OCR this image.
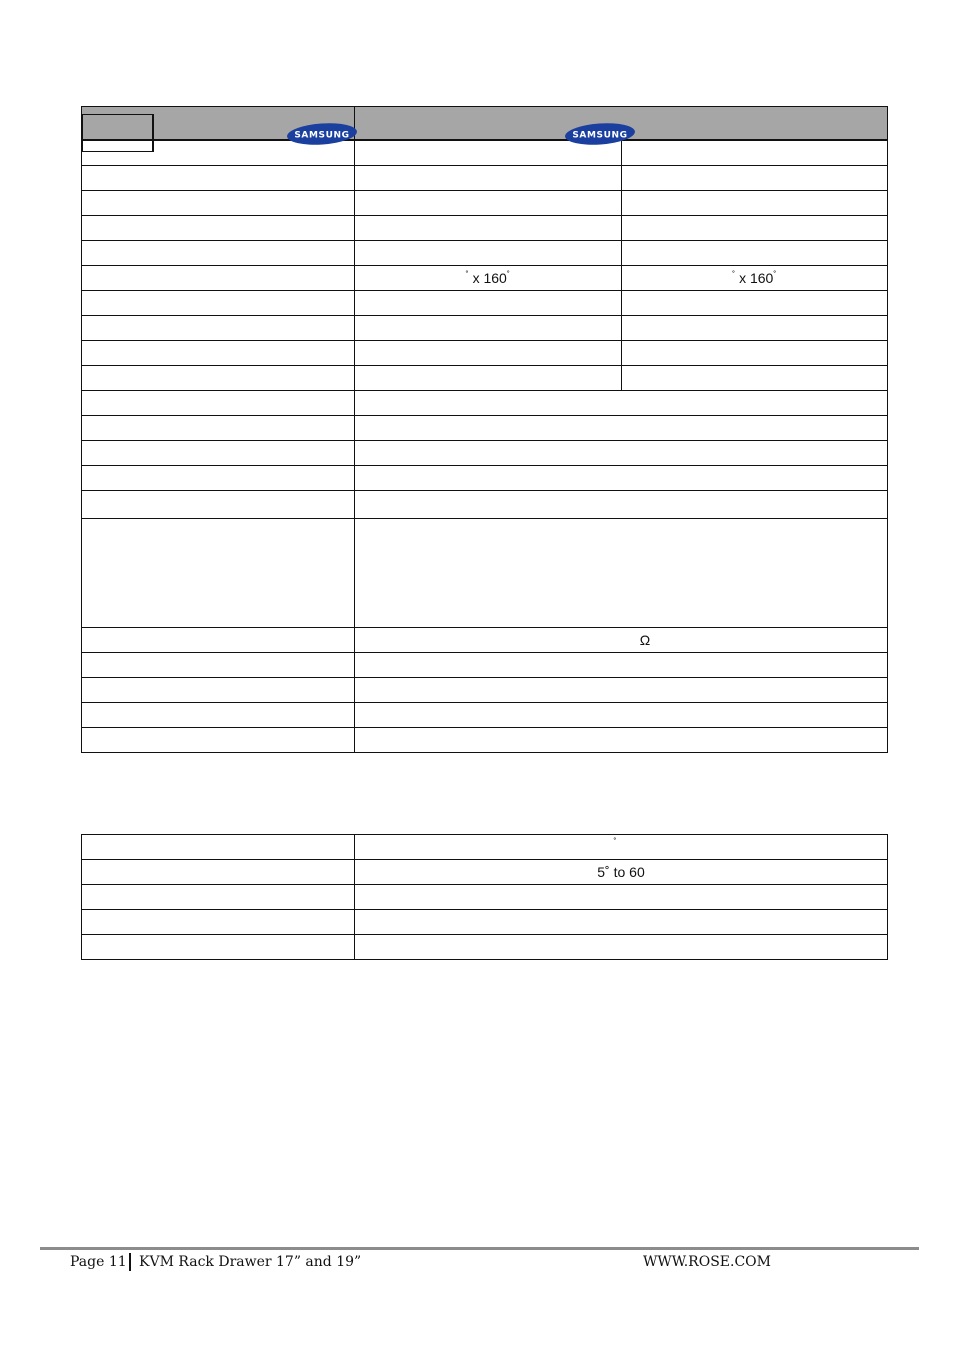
SAMSUNG	SAMSUNG

	˚ x 160˚	˚ x 160˚

	Ω

	˚
	5˚ to 60

Page 11 KVM Rack Drawer 17” and 19”	WWW.ROSE.COM
